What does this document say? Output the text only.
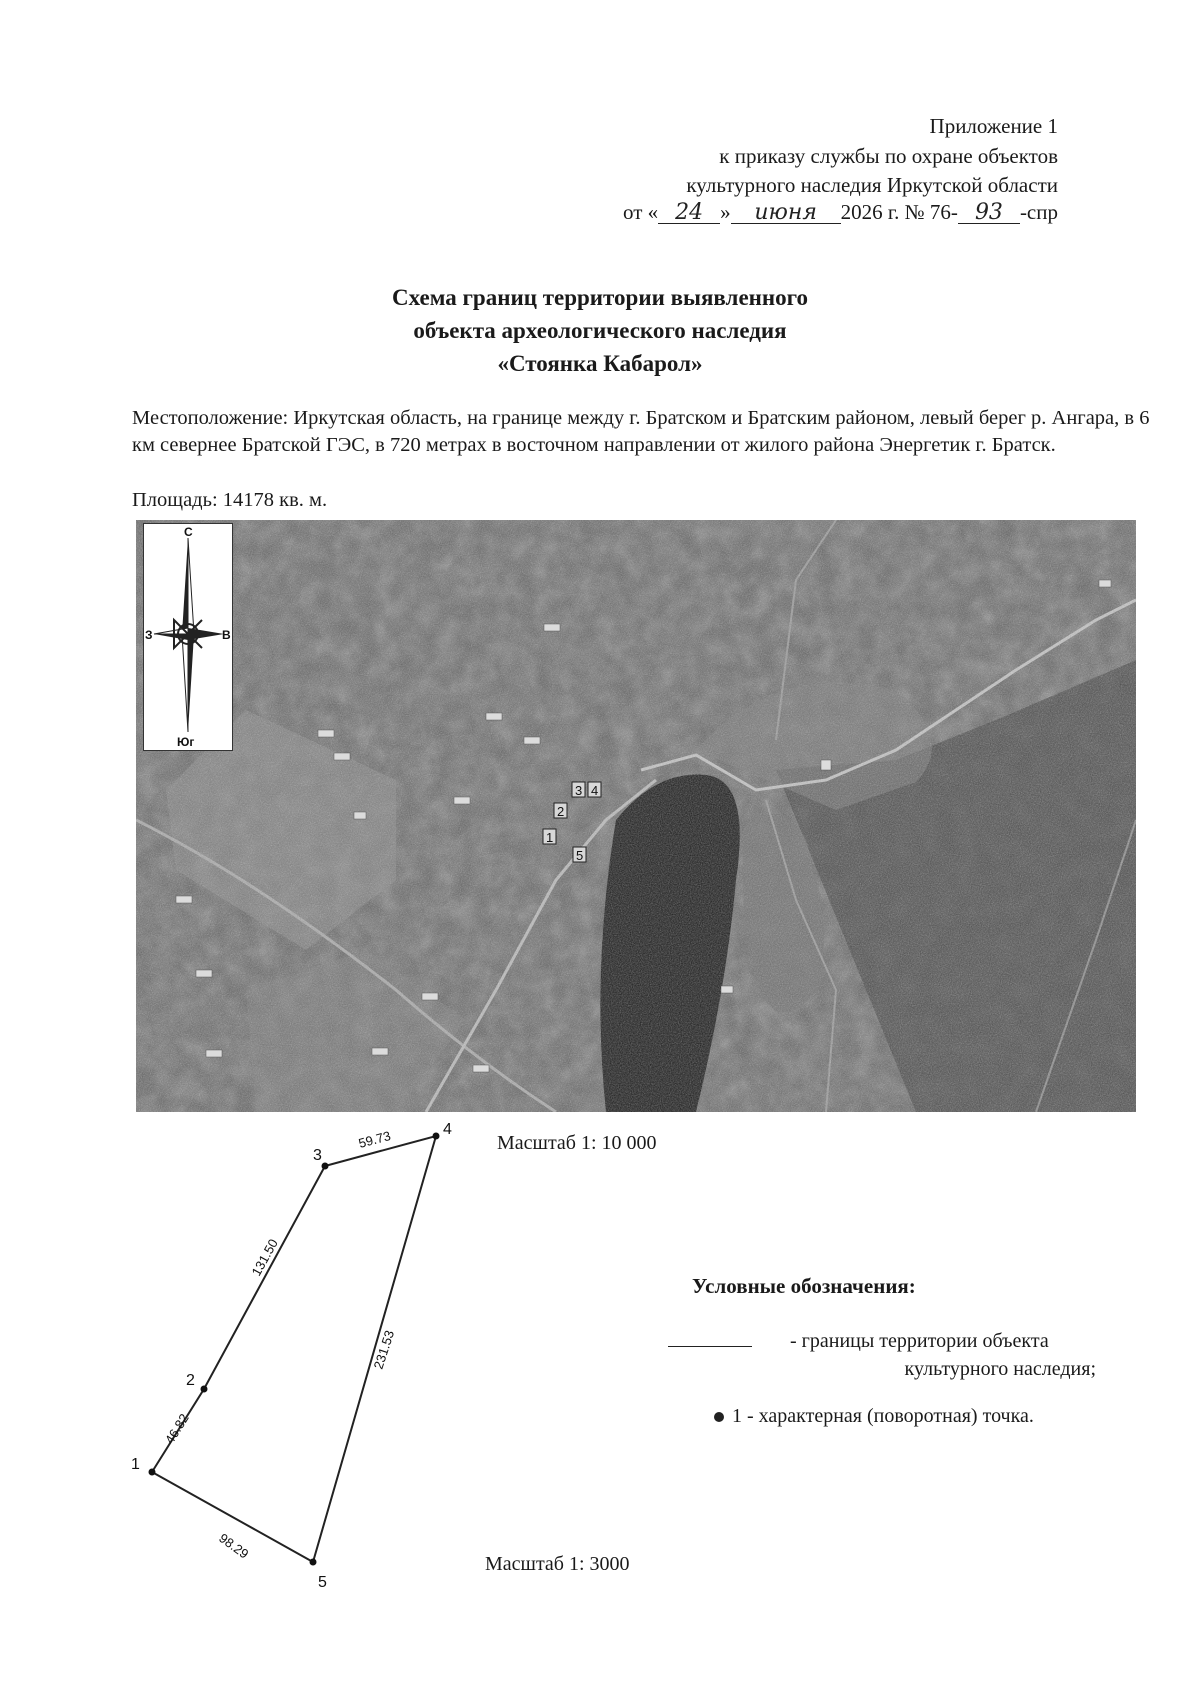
Приложение 1
к приказу службы по охране объектов
культурного наследия Иркутской области
от « 24 » июня 2026 г. № 76- 93 -спр
Схема границ территории выявленного
объекта археологического наследия
«Стоянка Кабарол»
Местоположение: Иркутская область, на границе между г. Братском и Братским районом, левый берег р. Ангара, в 6 км севернее Братской ГЭС, в 720 метрах в восточном направлении от жилого района Энергетик г. Братск.
Площадь: 14178 кв. м.
3 4
2
1
5
С
Юг
З	В
Масштаб 1: 10 000
1
2
3
4
5
46.82
131.50
59.73
231.53
98.29
Масштаб 1: 3000
Условные обозначения:
- границы территории объекта
культурного наследия;
1 - характерная (поворотная) точка.
